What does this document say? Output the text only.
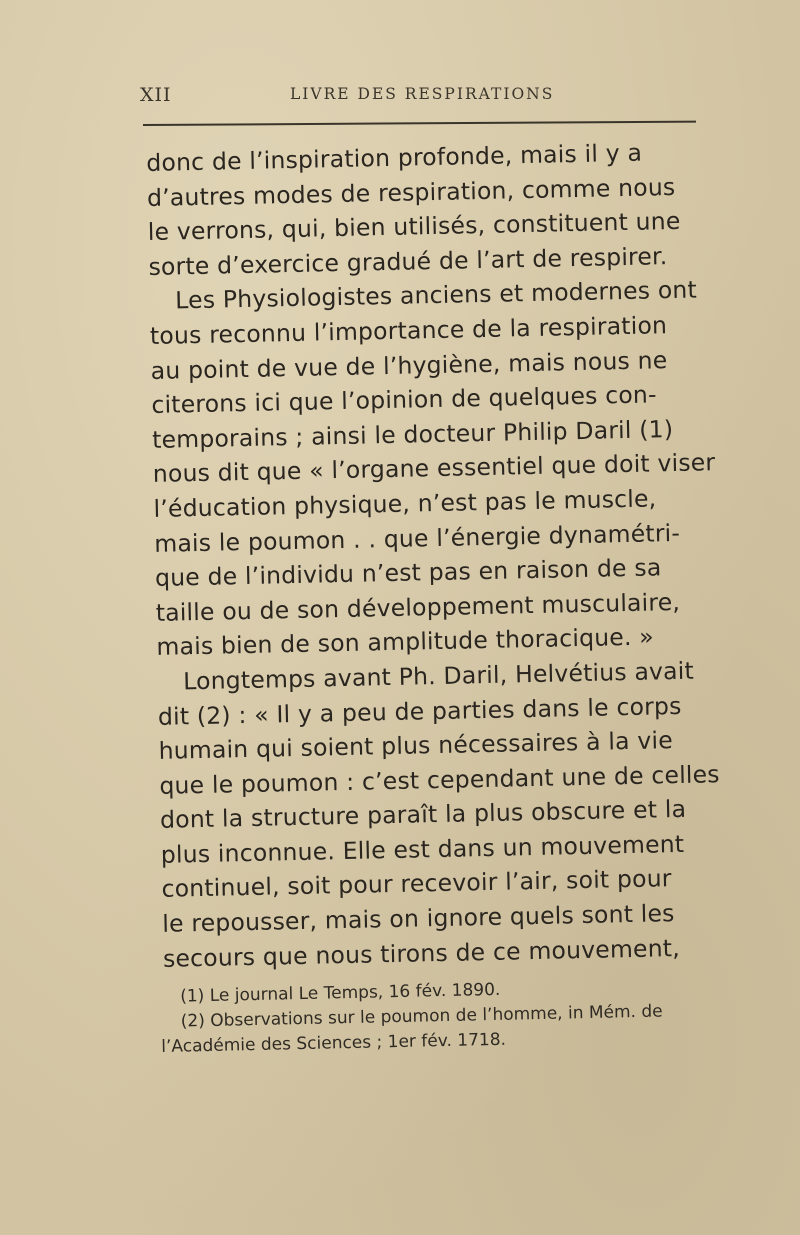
XII	LIVRE DES RESPIRATIONS
donc de l’inspiration profonde, mais il y a
d’autres modes de respiration, comme nous
le verrons, qui, bien utilisés, constituent une
sorte d’exercice gradué de l’art de respirer.
Les Physiologistes anciens et modernes ont
tous reconnu l’importance de la respiration
au point de vue de l’hygiène, mais nous ne
citerons ici que l’opinion de quelques con-
temporains ; ainsi le docteur Philip Daril (1)
nous dit que « l’organe essentiel que doit viser
l’éducation physique, n’est pas le muscle,
mais le poumon . . que l’énergie dynamétri-
que de l’individu n’est pas en raison de sa
taille ou de son développement musculaire,
mais bien de son amplitude thoracique. »
Longtemps avant Ph. Daril, Helvétius avait
dit (2) : « Il y a peu de parties dans le corps
humain qui soient plus nécessaires à la vie
que le poumon : c’est cependant une de celles
dont la structure paraît la plus obscure et la
plus inconnue. Elle est dans un mouvement
continuel, soit pour recevoir l’air, soit pour
le repousser, mais on ignore quels sont les
secours que nous tirons de ce mouvement,
(1) Le journal Le Temps, 16 fév. 1890.
(2) Observations sur le poumon de l’homme, in Mém. de
l’Académie des Sciences ; 1er fév. 1718.
